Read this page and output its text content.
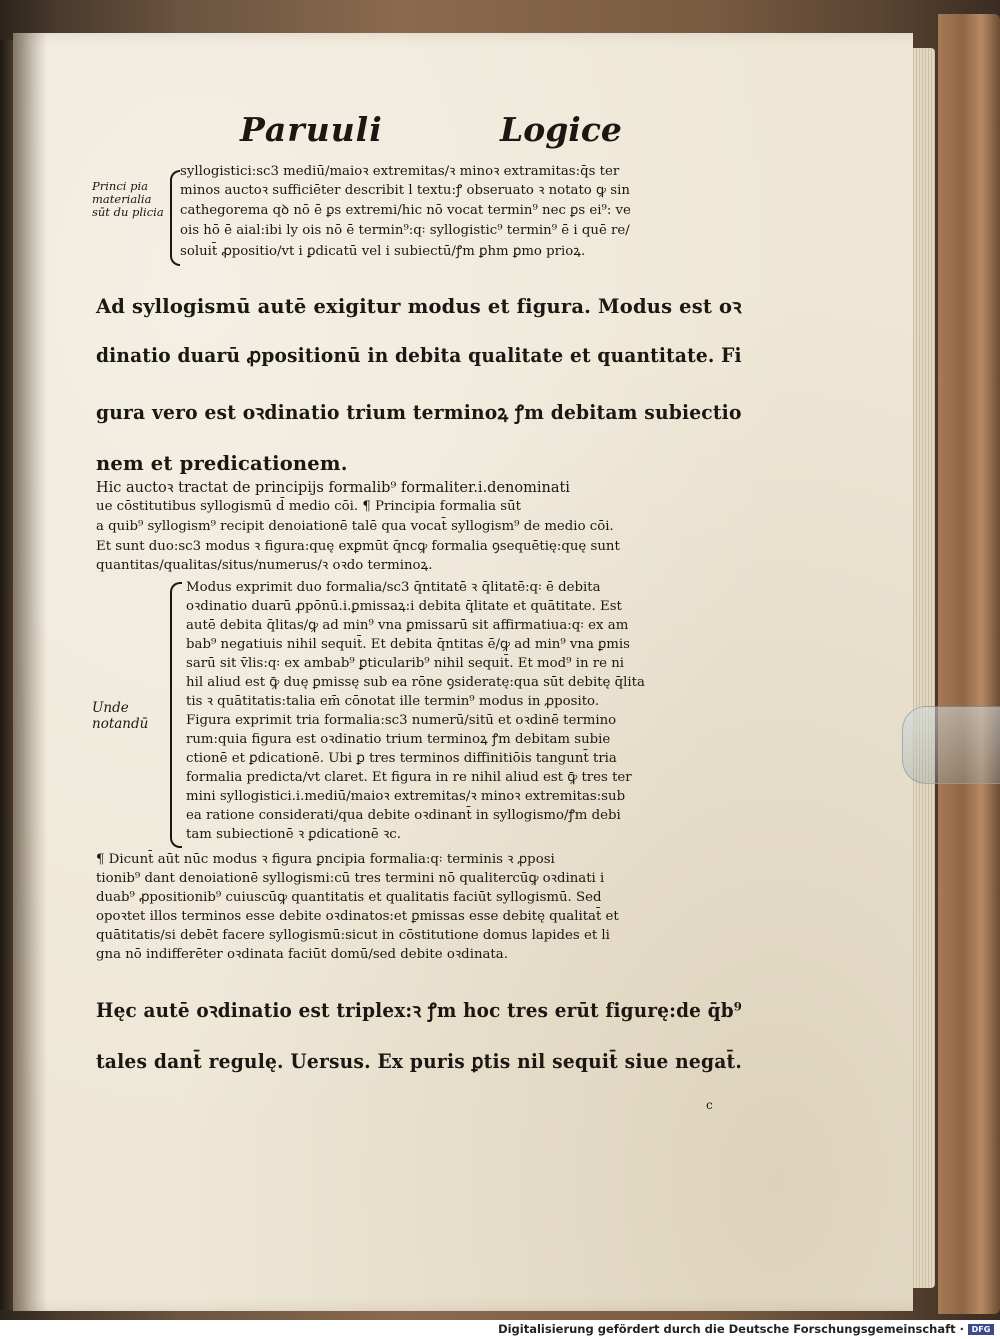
Paruuli	Logice
Princi pia materialia sūt du plicia
syllogistici:sc3 mediū/maioꝛ extremitas/ꝛ minoꝛ extramitas:q̄s ter
minos auctoꝛ sufficiēter describit l textu:ꝭ obseruato ꝛ notato ꝙ sin
cathegorema qꝺ nō ē ꝑs extremi/hic nō vocat termin⁹ nec ꝑs ei⁹: ve
ois hō ē aial:ibi ly ois nō ē termin⁹:q꞉ syllogistic⁹ termin⁹ ē i quē re/
soluit̄ ꝓpositio/vt i ꝑdicatū vel i subiectū/ꝭm ꝑhm ꝑmo prioꝝ.
Ad syllogismū autē exigitur modus et figura. Modus est oꝛ
dinatio duarū ꝓpositionū in debita qualitate et quantitate. Fi
gura vero est oꝛdinatio trium terminoꝝ ꝭm debitam subiectio
nem et predicationem.
Hic auctoꝛ tractat de principijs formalib⁹ formaliter.i.denominati
ue cōstitutibus syllogismū d̄ medio cōi. ¶ Principia formalia sūt
a quib⁹ syllogism⁹ recipit denoiationē talē qua vocat̄ syllogism⁹ de medio cōi.
Et sunt duo:sc3 modus ꝛ figura:quę exꝑmūt q̄ncꝙ formalia ꝯsequētię:quę sunt
quantitas/qualitas/situs/numerus/ꝛ oꝛdo terminoꝝ.
Unde notandū
Modus exprimit duo formalia/sc3 q̄ntitatē ꝛ q̄litatē:q꞉ ē debita
oꝛdinatio duarū ꝓpōnū.i.ꝑmissaꝝ:i debita q̄litate et quātitate. Est
autē debita q̄litas/ꝙ ad min⁹ vna ꝑmissarū sit affirmatiua:q꞉ ex am
bab⁹ negatiuis nihil sequit̄. Et debita q̄ntitas ē/ꝙ ad min⁹ vna ꝑmis
sarū sit v̄lis:q꞉ ex ambab⁹ ꝑticularib⁹ nihil sequit̄. Et mod⁹ in re ni
hil aliud est ꝙ̄ duę ꝑmissę sub ea rōne ꝯsideratę:qua sūt debitę q̄lita
tis ꝛ quātitatis:talia em̄ cōnotat ille termin⁹ modus in ꝓposito.
Figura exprimit tria formalia:sc3 numerū/sitū et oꝛdinē termino
rum:quia figura est oꝛdinatio trium terminoꝝ ꝭm debitam subie
ctionē et ꝑdicationē. Ubi ꝑ tres terminos diffinitiōis tangunt̄ tria
formalia predicta/vt claret. Et figura in re nihil aliud est ꝙ̄ tres ter
mini syllogistici.i.mediū/maioꝛ extremitas/ꝛ minoꝛ extremitas:sub
ea ratione considerati/qua debite oꝛdinant̄ in syllogismo/ꝭm debi
tam subiectionē ꝛ ꝑdicationē ꝛc.
¶ Dicunt̄ aūt nūc modus ꝛ figura ꝑncipia formalia:q꞉ terminis ꝛ ꝓposi
tionib⁹ dant denoiationē syllogismi:cū tres termini nō qualitercūꝙ oꝛdinati i
duab⁹ ꝓpositionib⁹ cuiuscūꝙ quantitatis et qualitatis faciūt syllogismū. Sed
opoꝛtet illos terminos esse debite oꝛdinatos:et ꝑmissas esse debitę qualitat̄ et
quātitatis/si debēt facere syllogismū:sicut in cōstitutione domus lapides et li
gna nō indifferēter oꝛdinata faciūt domū/sed debite oꝛdinata.
Hęc autē oꝛdinatio est triplex:ꝛ ꝭm hoc tres erūt figurę:de q̄b⁹
tales dant̄ regulę. Uersus. Ex puris ꝑtis nil sequit̄ siue negat̄.
c
Digitalisierung gefördert durch die Deutsche Forschungsgemeinschaft · DFG
